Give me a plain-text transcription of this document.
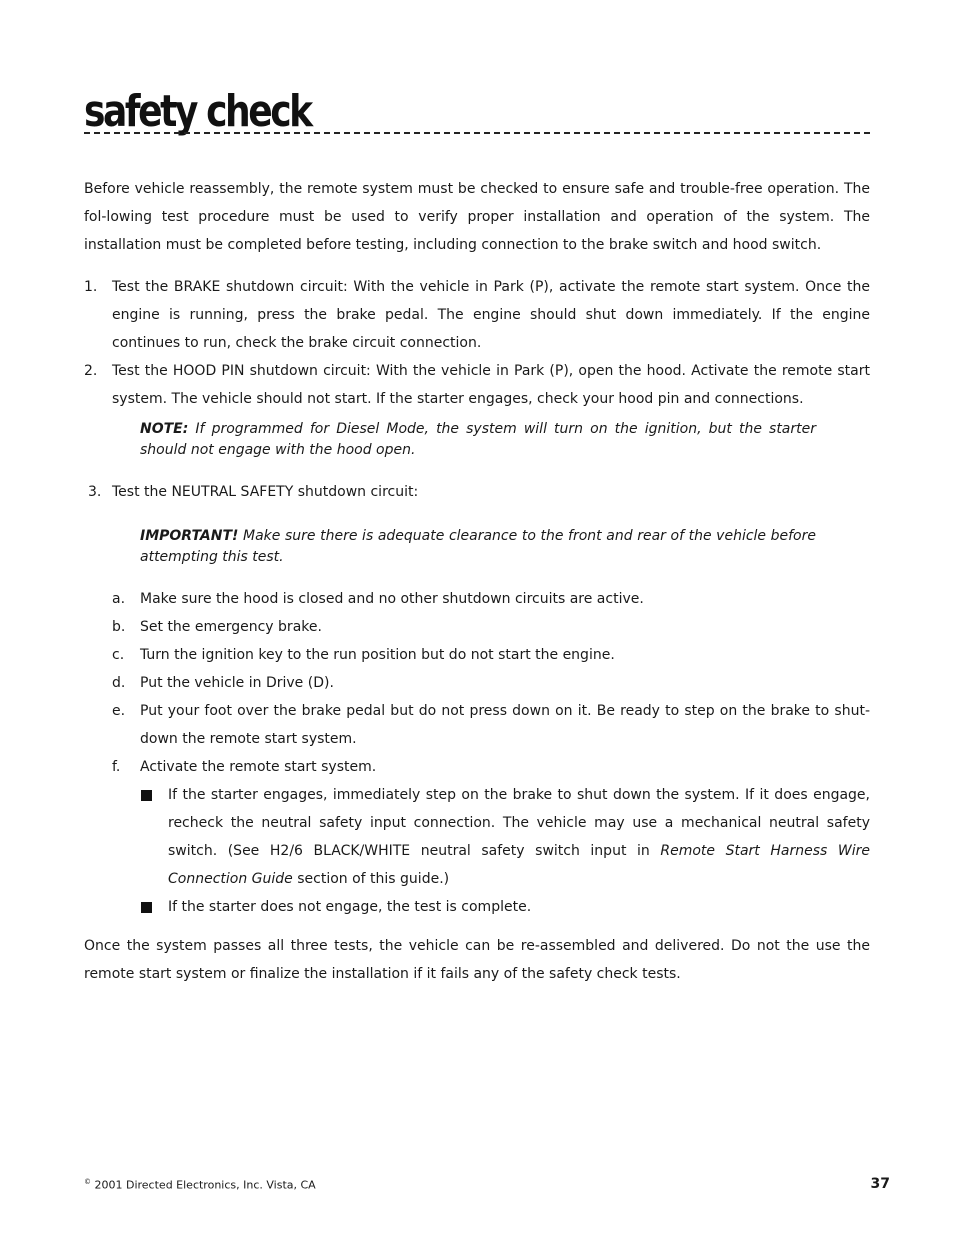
safety check
Before vehicle reassembly, the remote system must be checked to ensure safe and trouble-free operation. The fol-lowing test procedure must be used to verify proper installation and operation of the system. The installation must be completed before testing, including connection to the brake switch and hood switch.
1.	Test the BRAKE shutdown circuit: With the vehicle in Park (P), activate the remote start system. Once the engine is running, press the brake pedal. The engine should shut down immediately. If the engine continues to run, check the brake circuit connection.
2.	Test the HOOD PIN shutdown circuit: With the vehicle in Park (P), open the hood. Activate the remote start system. The vehicle should not start. If the starter engages, check your hood pin and connections.
NOTE: If programmed for Diesel Mode, the system will turn on the ignition, but the starter should not engage with the hood open.
3. Test the NEUTRAL SAFETY shutdown circuit:
IMPORTANT! Make sure there is adequate clearance to the front and rear of the vehicle before attempting this test.
a. Make sure the hood is closed and no other shutdown circuits are active.
b. Set the emergency brake.
c. Turn the ignition key to the run position but do not start the engine.
d. Put the vehicle in Drive (D).
e. Put your foot over the brake pedal but do not press down on it. Be ready to step on the brake to shut-down the remote start system.
f. Activate the remote start system.
If the starter engages, immediately step on the brake to shut down the system. If it does engage, recheck the neutral safety input connection. The vehicle may use a mechanical neutral safety switch. (See H2/6 BLACK/WHITE neutral safety switch input in Remote Start Harness Wire Connection Guide section of this guide.)
If the starter does not engage, the test is complete.
Once the system passes all three tests, the vehicle can be re-assembled and delivered. Do not the use the remote start system or finalize the installation if it fails any of the safety check tests.
© 2001 Directed Electronics, Inc. Vista, CA	37
